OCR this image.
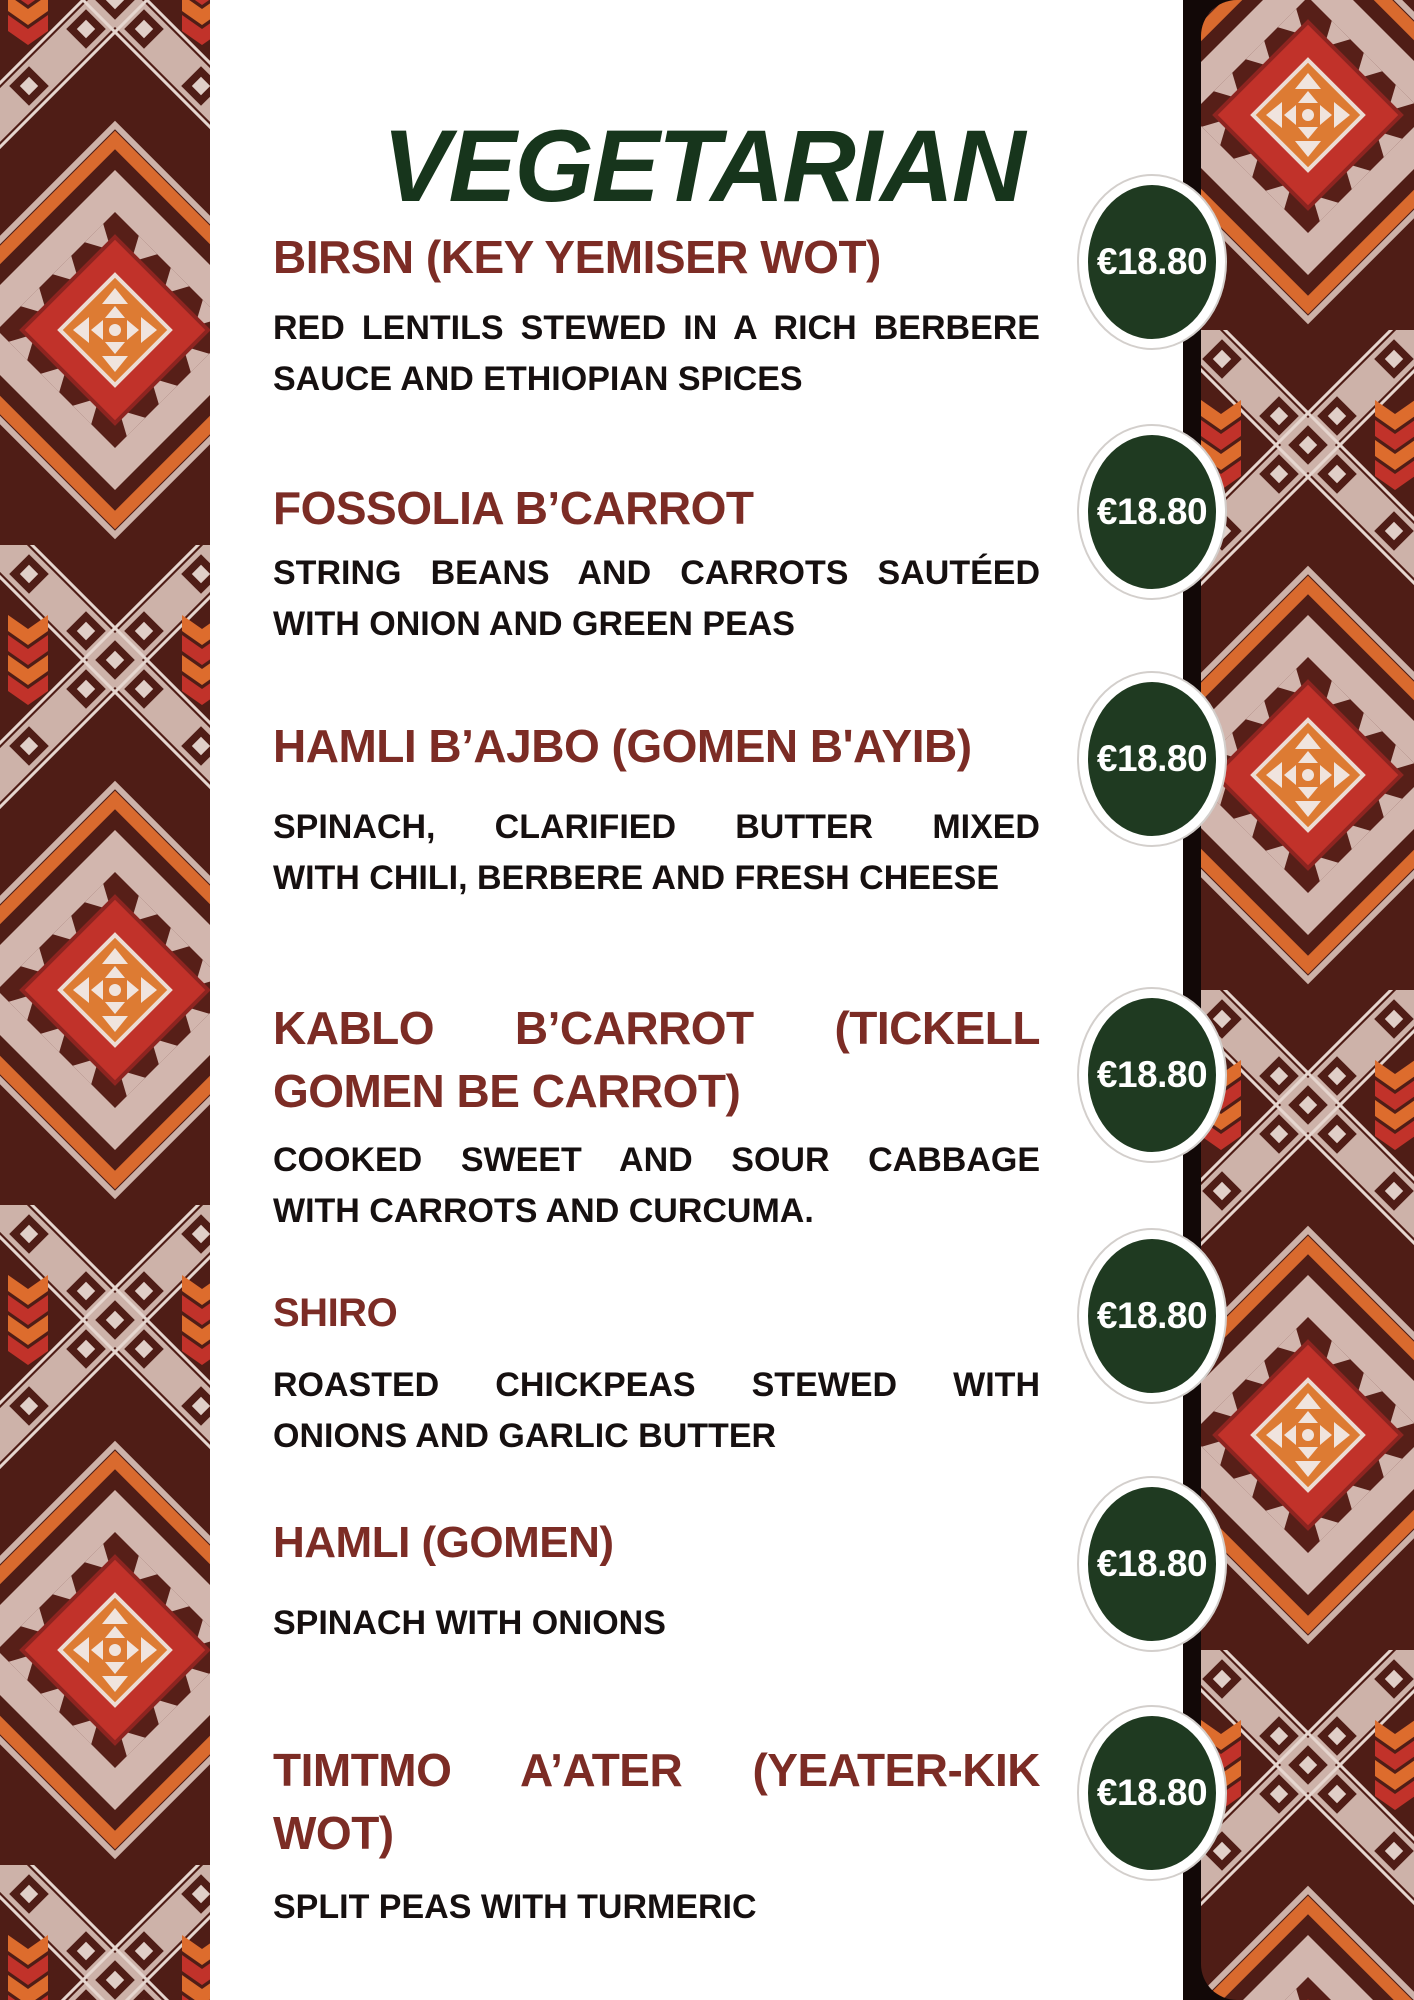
VEGETARIAN
BIRSN (KEY YEMISER WOT)
RED LENTILS STEWED IN A RICH BERBERE
SAUCE AND ETHIOPIAN SPICES
FOSSOLIA B’CARROT
STRING BEANS AND CARROTS SAUTÉED
WITH ONION AND GREEN PEAS
HAMLI B’AJBO (GOMEN B'AYIB)
SPINACH, CLARIFIED BUTTER MIXED
WITH CHILI, BERBERE AND FRESH CHEESE
KABLO B’CARROT (TICKELL
GOMEN BE CARROT)
COOKED SWEET AND SOUR CABBAGE
WITH CARROTS AND CURCUMA.
SHIRO
ROASTED CHICKPEAS STEWED WITH
ONIONS AND GARLIC BUTTER
HAMLI (GOMEN)
SPINACH WITH ONIONS
TIMTMO A’ATER (YEATER-KIK
WOT)
SPLIT PEAS WITH TURMERIC
€18.80
€18.80
€18.80
€18.80
€18.80
€18.80
€18.80
